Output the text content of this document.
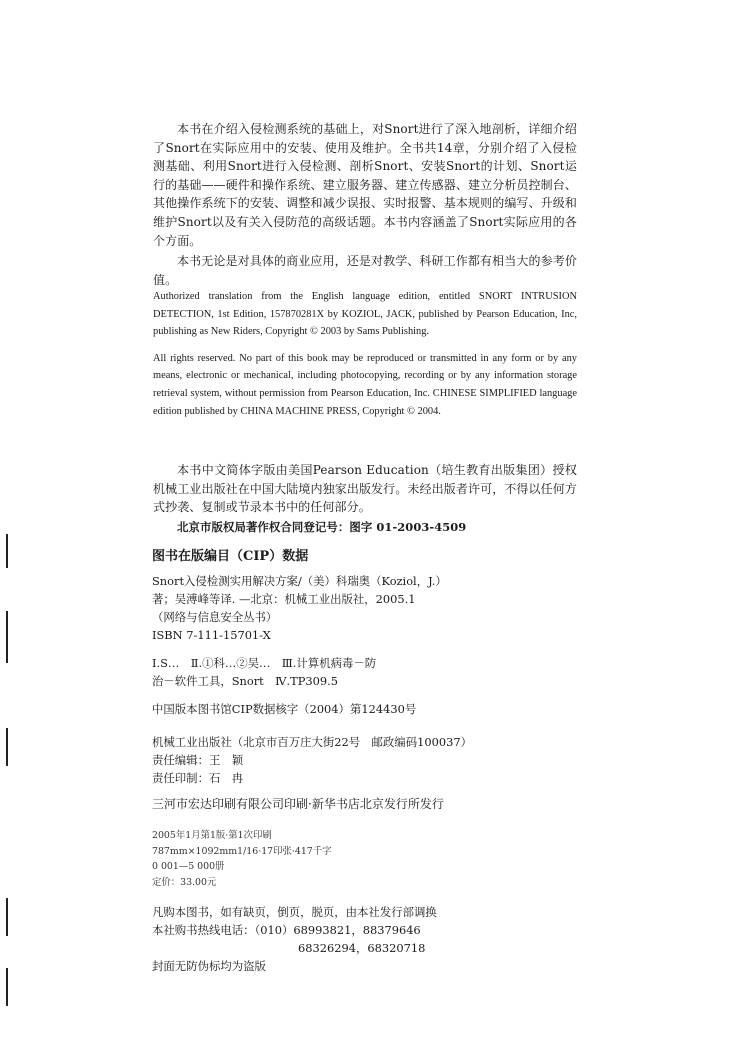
本书在介绍入侵检测系统的基础上，对Snort进行了深入地剖析，详细介绍了Snort在实际应用中的安装、使用及维护。全书共14章，分别介绍了入侵检测基础、利用Snort进行入侵检测、剖析Snort、安装Snort的计划、Snort运行的基础——硬件和操作系统、建立服务器、建立传感器、建立分析员控制台、其他操作系统下的安装、调整和减少误报、实时报警、基本规则的编写、升级和维护Snort以及有关入侵防范的高级话题。本书内容涵盖了Snort实际应用的各个方面。

本书无论是对具体的商业应用，还是对教学、科研工作都有相当大的参考价值。

Authorized translation from the English language edition, entitled SNORT INTRUSION DETECTION, 1st Edition, 157870281X by KOZIOL, JACK, published by Pearson Education, Inc, publishing as New Riders, Copyright © 2003 by Sams Publishing.

All rights reserved. No part of this book may be reproduced or transmitted in any form or by any means, electronic or mechanical, including photocopying, recording or by any information storage retrieval system, without permission from Pearson Education, Inc. CHINESE SIMPLIFIED language edition published by CHINA MACHINE PRESS, Copyright © 2004.

本书中文简体字版由美国Pearson Education（培生教育出版集团）授权机械工业出版社在中国大陆境内独家出版发行。未经出版者许可，不得以任何方式抄袭、复制或节录本书中的任何部分。

北京市版权局著作权合同登记号：图字 01-2003-4509

图书在版编目（CIP）数据

Snort入侵检测实用解决方案/（美）科瑞奥（Koziol，J.）

著；吴溥峰等译. —北京：机械工业出版社，2005.1

（网络与信息安全丛书）

ISBN 7-111-15701-X

Ⅰ.S…　Ⅱ.①科…②吴…　Ⅲ.计算机病毒－防

治－软件工具，Snort　Ⅳ.TP309.5

中国版本图书馆CIP数据核字（2004）第124430号

机械工业出版社（北京市百万庄大街22号　邮政编码100037）

责任编辑：王　颖

责任印制：石　冉

三河市宏达印刷有限公司印刷·新华书店北京发行所发行

2005年1月第1版·第1次印刷

787mm×1092mm1/16·17印张·417千字

0 001—5 000册

定价：33.00元

凡购本图书，如有缺页，倒页，脱页，由本社发行部调换

本社购书热线电话：（010）68993821，88379646

68326294，68320718

封面无防伪标均为盗版
